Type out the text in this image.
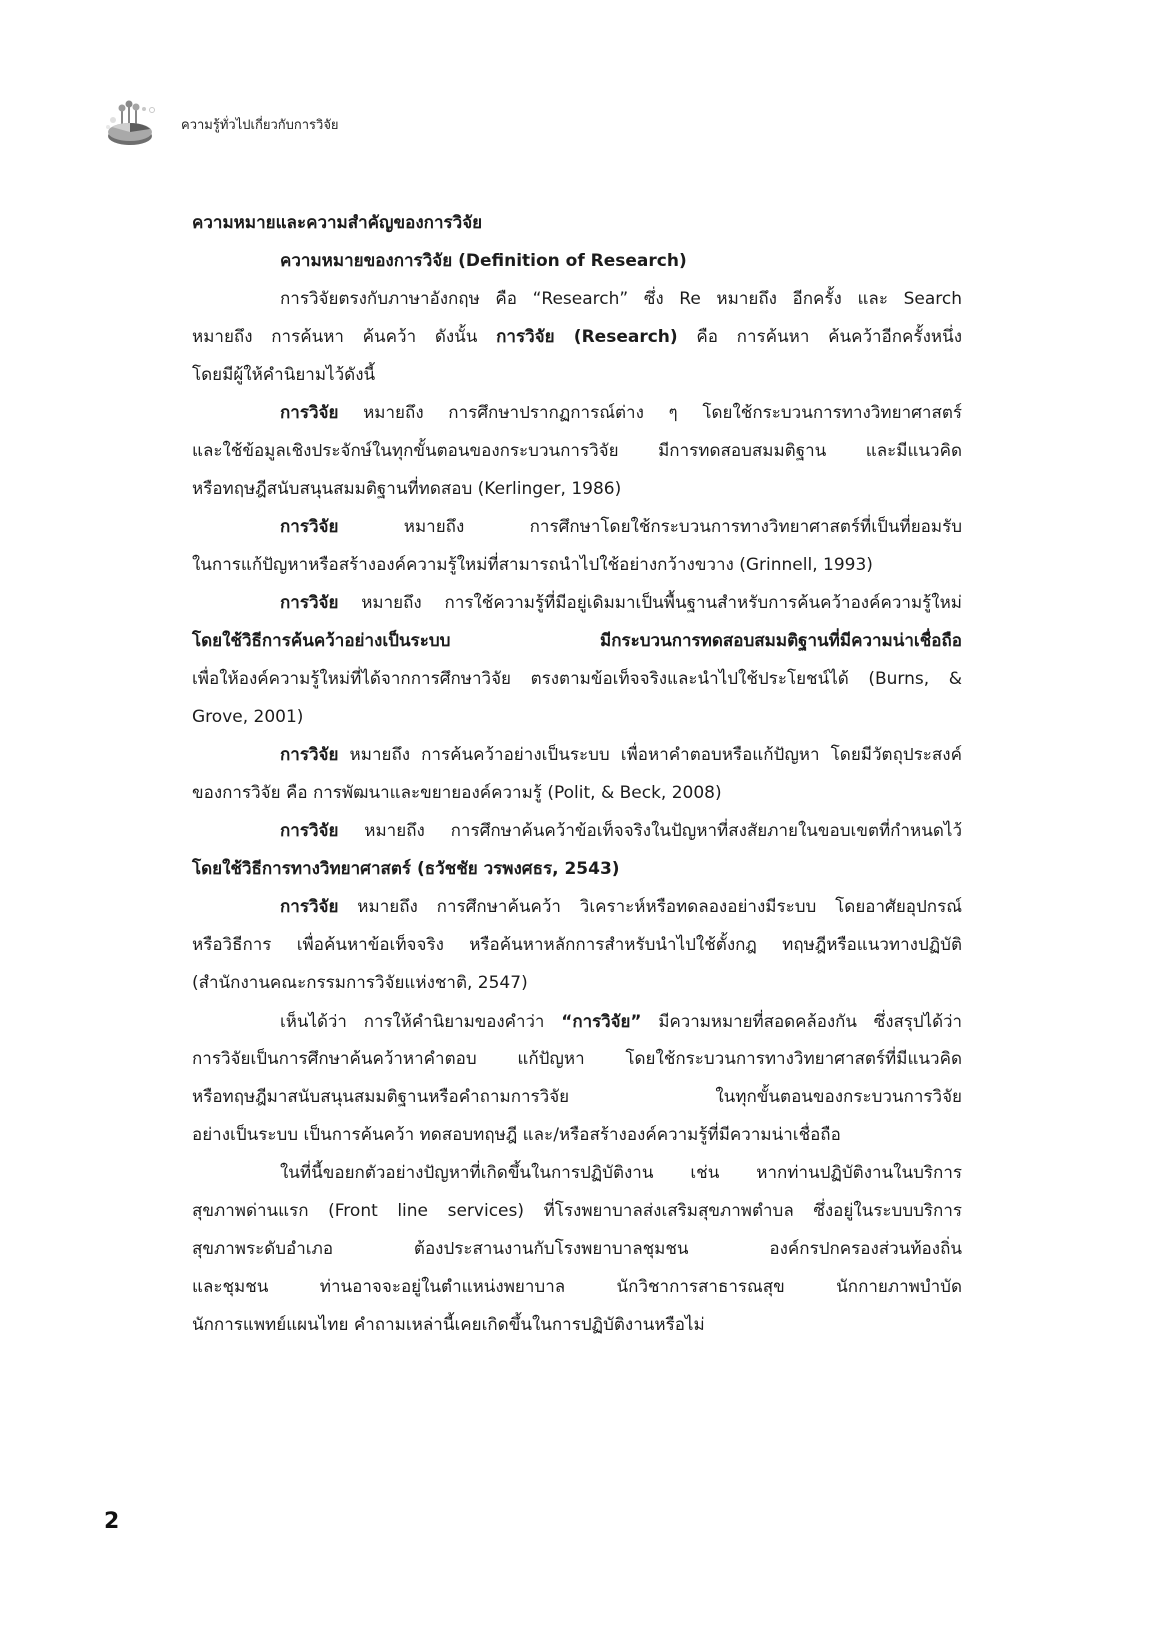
ความรู้ทั่วไปเกี่ยวกับการวิจัย
ความหมายและความสำคัญของการวิจัย
ความหมายของการวิจัย (Definition of Research)
การวิจัยตรงกับภาษาอังกฤษ คือ “Research” ซึ่ง Re หมายถึง อีกครั้ง และ Search
หมายถึง การค้นหา ค้นคว้า ดังนั้น การวิจัย (Research) คือ การค้นหา ค้นคว้าอีกครั้งหนึ่ง
โดยมีผู้ให้คำนิยามไว้ดังนี้
การวิจัย หมายถึง การศึกษาปรากฏการณ์ต่าง ๆ โดยใช้กระบวนการทางวิทยาศาสตร์
และใช้ข้อมูลเชิงประจักษ์ในทุกขั้นตอนของกระบวนการวิจัย มีการทดสอบสมมติฐาน และมีแนวคิด
หรือทฤษฎีสนับสนุนสมมติฐานที่ทดสอบ (Kerlinger, 1986)
การวิจัย หมายถึง การศึกษาโดยใช้กระบวนการทางวิทยาศาสตร์ที่เป็นที่ยอมรับ
ในการแก้ปัญหาหรือสร้างองค์ความรู้ใหม่ที่สามารถนำไปใช้อย่างกว้างขวาง (Grinnell, 1993)
การวิจัย หมายถึง การใช้ความรู้ที่มีอยู่เดิมมาเป็นพื้นฐานสำหรับการค้นคว้าองค์ความรู้ใหม่
โดยใช้วิธีการค้นคว้าอย่างเป็นระบบ มีกระบวนการทดสอบสมมติฐานที่มีความน่าเชื่อถือ
เพื่อให้องค์ความรู้ใหม่ที่ได้จากการศึกษาวิจัย ตรงตามข้อเท็จจริงและนำไปใช้ประโยชน์ได้ (Burns, &
Grove, 2001)
การวิจัย หมายถึง การค้นคว้าอย่างเป็นระบบ เพื่อหาคำตอบหรือแก้ปัญหา โดยมีวัตถุประสงค์
ของการวิจัย คือ การพัฒนาและขยายองค์ความรู้ (Polit, & Beck, 2008)
การวิจัย หมายถึง การศึกษาค้นคว้าข้อเท็จจริงในปัญหาที่สงสัยภายในขอบเขตที่กำหนดไว้
โดยใช้วิธีการทางวิทยาศาสตร์ (ธวัชชัย วรพงศธร, 2543)
การวิจัย หมายถึง การศึกษาค้นคว้า วิเคราะห์หรือทดลองอย่างมีระบบ โดยอาศัยอุปกรณ์
หรือวิธีการ เพื่อค้นหาข้อเท็จจริง หรือค้นหาหลักการสำหรับนำไปใช้ตั้งกฎ ทฤษฎีหรือแนวทางปฏิบัติ
(สำนักงานคณะกรรมการวิจัยแห่งชาติ, 2547)
เห็นได้ว่า การให้คำนิยามของคำว่า “การวิจัย” มีความหมายที่สอดคล้องกัน ซึ่งสรุปได้ว่า
การวิจัยเป็นการศึกษาค้นคว้าหาคำตอบ แก้ปัญหา โดยใช้กระบวนการทางวิทยาศาสตร์ที่มีแนวคิด
หรือทฤษฎีมาสนับสนุนสมมติฐานหรือคำถามการวิจัย ในทุกขั้นตอนของกระบวนการวิจัย
อย่างเป็นระบบ เป็นการค้นคว้า ทดสอบทฤษฎี และ/หรือสร้างองค์ความรู้ที่มีความน่าเชื่อถือ
ในที่นี้ขอยกตัวอย่างปัญหาที่เกิดขึ้นในการปฏิบัติงาน เช่น หากท่านปฏิบัติงานในบริการ
สุขภาพด่านแรก (Front line services) ที่โรงพยาบาลส่งเสริมสุขภาพตำบล ซึ่งอยู่ในระบบบริการ
สุขภาพระดับอำเภอ ต้องประสานงานกับโรงพยาบาลชุมชน องค์กรปกครองส่วนท้องถิ่น
และชุมชน ท่านอาจจะอยู่ในตำแหน่งพยาบาล นักวิชาการสาธารณสุข นักกายภาพบำบัด
นักการแพทย์แผนไทย คำถามเหล่านี้เคยเกิดขึ้นในการปฏิบัติงานหรือไม่
2
